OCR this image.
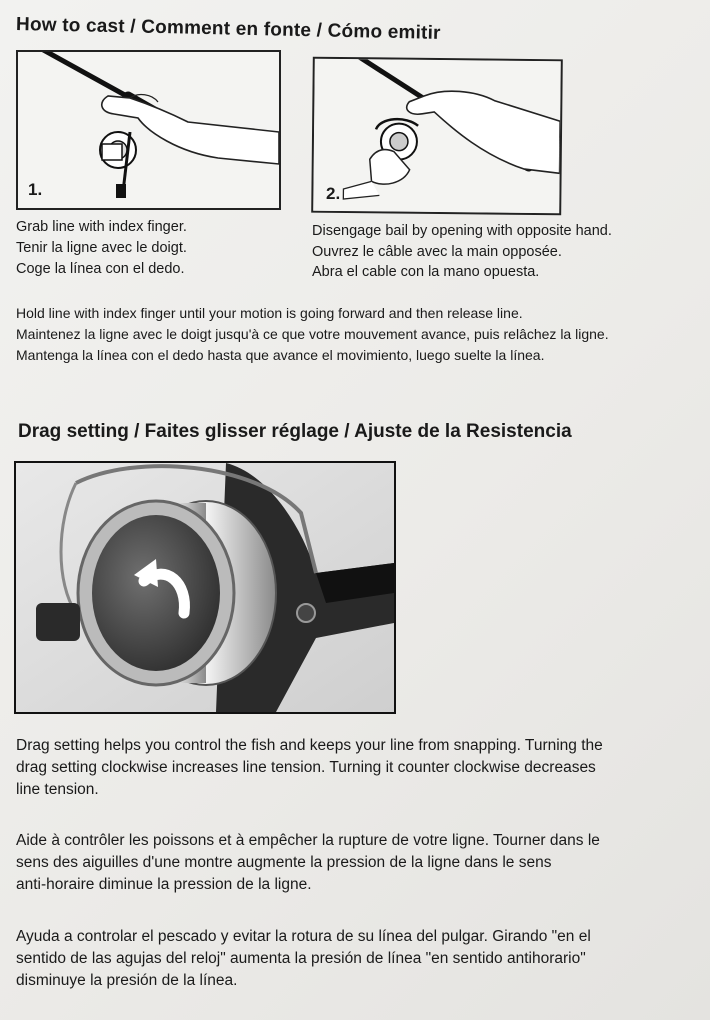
How to cast / Comment en fonte / Cómo emitir
1.	2.
Grab line with index finger.
Tenir la ligne avec le doigt.
Coge la línea con el dedo.
Disengage bail by opening with opposite hand.
Ouvrez le câble avec la main opposée.
Abra el cable con la mano opuesta.
Hold line with index finger until your motion is going forward and then release line.
Maintenez la ligne avec le doigt jusqu'à ce que votre mouvement avance, puis relâchez la ligne.
Mantenga la línea con el dedo hasta que avance el movimiento, luego suelte la línea.
Drag setting / Faites glisser réglage / Ajuste de la Resistencia
Drag setting helps you control the fish and keeps your line from snapping. Turning the
drag setting clockwise increases line tension. Turning it counter clockwise decreases
line tension.
Aide à contrôler les poissons et à empêcher la rupture de votre ligne. Tourner dans le
sens des aiguilles d'une montre augmente la pression de la ligne dans le sens
anti-horaire diminue la pression de la ligne.
Ayuda a controlar el pescado y evitar la rotura de su línea del pulgar. Girando "en el
sentido de las agujas del reloj" aumenta la presión de línea "en sentido antihorario"
disminuye la presión de la línea.
